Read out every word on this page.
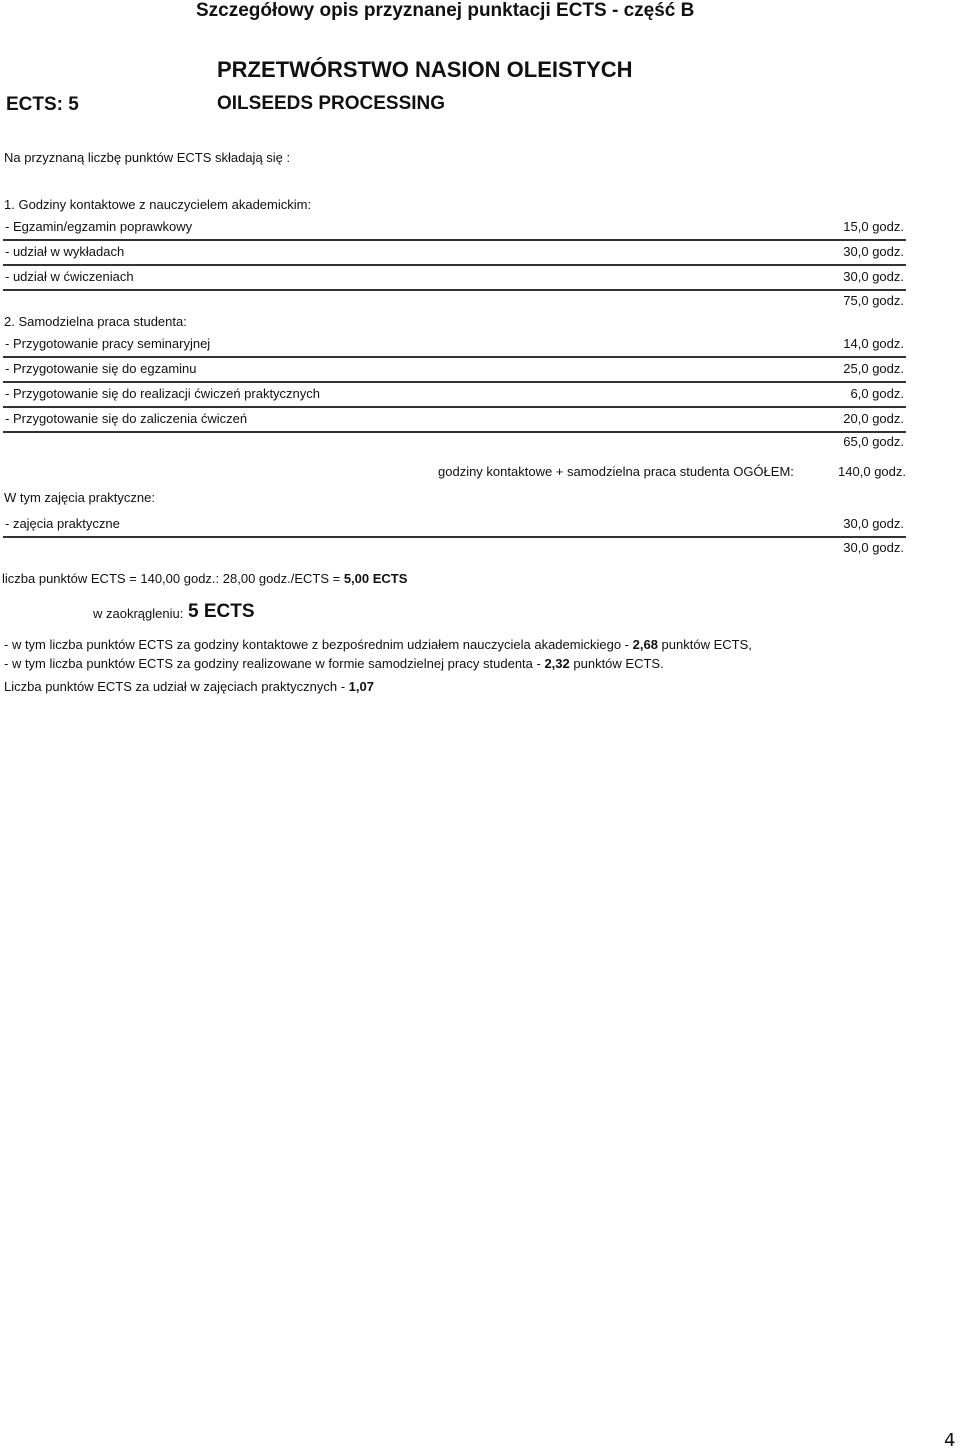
Szczegółowy opis przyznanej punktacji ECTS - część B
PRZETWÓRSTWO NASION OLEISTYCH
ECTS: 5	OILSEEDS PROCESSING
Na przyznaną liczbę punktów ECTS składają się :
1. Godziny kontaktowe z nauczycielem akademickim:
- Egzamin/egzamin poprawkowy	15,0 godz.
- udział w wykładach	30,0 godz.
- udział w ćwiczeniach	30,0 godz.
75,0 godz.
2. Samodzielna praca studenta:
- Przygotowanie pracy seminaryjnej	14,0 godz.
- Przygotowanie się do egzaminu	25,0 godz.
- Przygotowanie się do realizacji ćwiczeń praktycznych	6,0 godz.
- Przygotowanie się do zaliczenia ćwiczeń	20,0 godz.
65,0 godz.
godziny kontaktowe + samodzielna praca studenta OGÓŁEM:	140,0 godz.
W tym zajęcia praktyczne:
- zajęcia praktyczne	30,0 godz.
30,0 godz.
liczba punktów ECTS = 140,00 godz.: 28,00 godz./ECTS = 5,00 ECTS
w zaokrągleniu: 5 ECTS
- w tym liczba punktów ECTS za godziny kontaktowe z bezpośrednim udziałem nauczyciela akademickiego - 2,68 punktów ECTS,
- w tym liczba punktów ECTS za godziny realizowane w formie samodzielnej pracy studenta - 2,32 punktów ECTS.
Liczba punktów ECTS za udział w zajęciach praktycznych - 1,07
4
